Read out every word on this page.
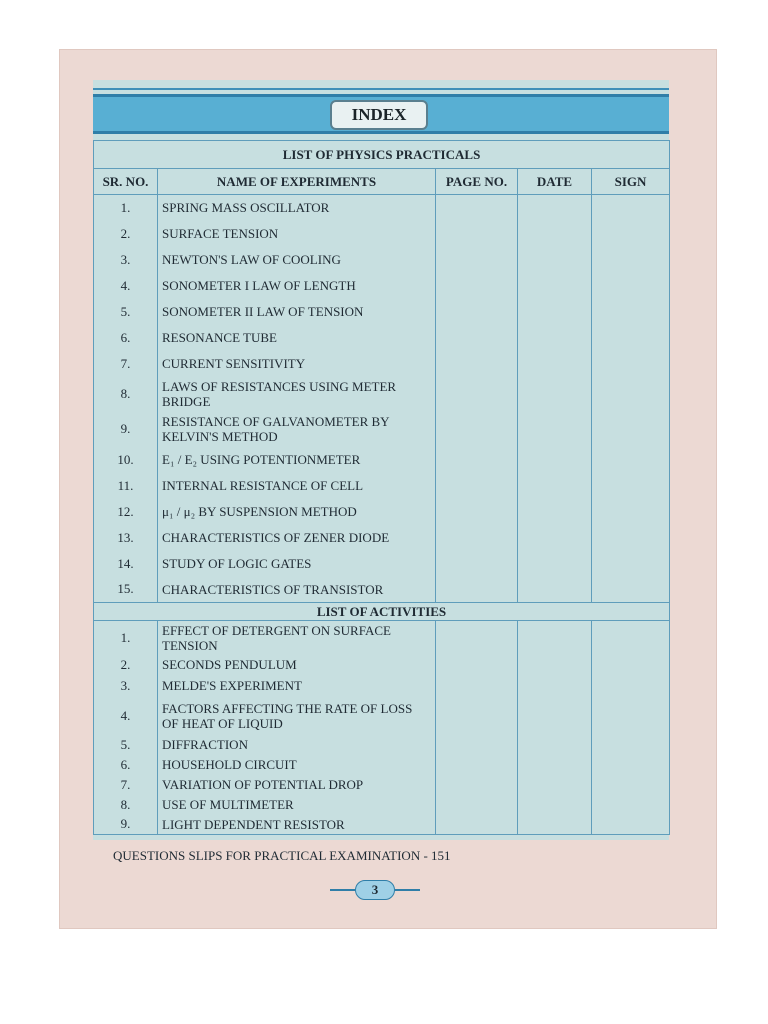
INDEX
LIST OF PHYSICS PRACTICALS				
SR. NO.	NAME OF EXPERIMENTS	PAGE NO.	DATE	SIGN
1.	SPRING MASS OSCILLATOR			
2.	SURFACE TENSION			
3.	NEWTON'S LAW OF COOLING			
4.	SONOMETER I LAW OF LENGTH			
5.	SONOMETER II LAW OF TENSION			
6.	RESONANCE TUBE			
7.	CURRENT SENSITIVITY			
8.	LAWS OF RESISTANCES USING METER BRIDGE			
9.	RESISTANCE OF GALVANOMETER BY KELVIN'S METHOD			
10.	E₁ / E₂ USING POTENTIONMETER			
11.	INTERNAL RESISTANCE OF CELL			
12.	μ₁ / μ₂ BY SUSPENSION METHOD			
13.	CHARACTERISTICS OF ZENER DIODE			
14.	STUDY OF LOGIC GATES			
15.	CHARACTERISTICS OF TRANSISTOR			
LIST OF ACTIVITIES				
1.	EFFECT OF DETERGENT ON SURFACE TENSION			
2.	SECONDS PENDULUM			
3.	MELDE'S EXPERIMENT			
4.	FACTORS AFFECTING THE RATE OF LOSS OF HEAT OF LIQUID			
5.	DIFFRACTION			
6.	HOUSEHOLD CIRCUIT			
7.	VARIATION OF POTENTIAL DROP			
8.	USE OF MULTIMETER			
9.	LIGHT DEPENDENT RESISTOR			
QUESTIONS SLIPS FOR PRACTICAL EXAMINATION - 151
3
